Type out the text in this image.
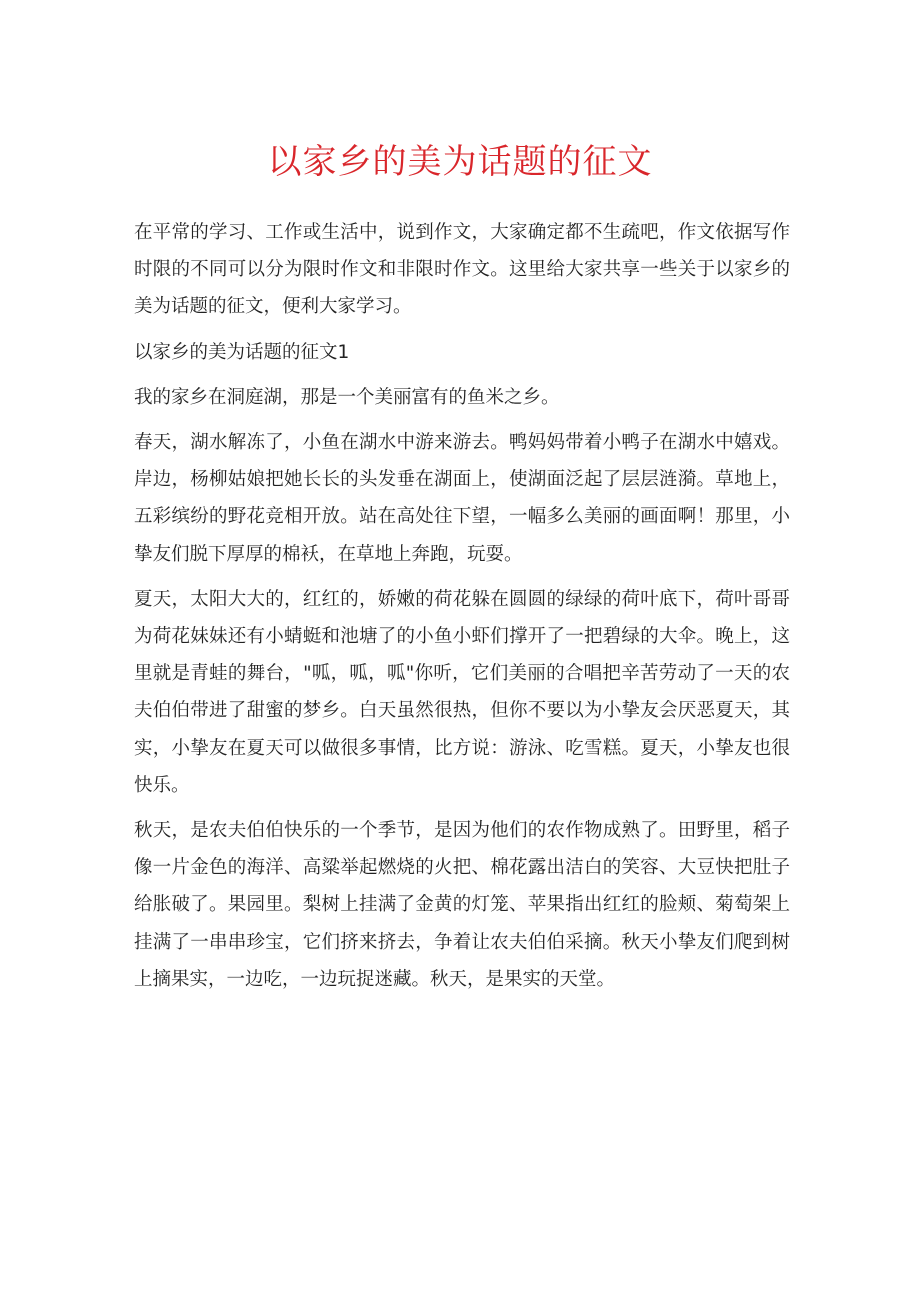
以家乡的美为话题的征文

在平常的学习、工作或生活中，说到作文，大家确定都不生疏吧，作文依据写作时限的不同可以分为限时作文和非限时作文。这里给大家共享一些关于以家乡的美为话题的征文，便利大家学习。

以家乡的美为话题的征文1

我的家乡在洞庭湖，那是一个美丽富有的鱼米之乡。

春天，湖水解冻了，小鱼在湖水中游来游去。鸭妈妈带着小鸭子在湖水中嬉戏。岸边，杨柳姑娘把她长长的头发垂在湖面上，使湖面泛起了层层涟漪。草地上，五彩缤纷的野花竞相开放。站在高处往下望，一幅多么美丽的画面啊！那里，小挚友们脱下厚厚的棉袄，在草地上奔跑，玩耍。

夏天，太阳大大的，红红的，娇嫩的荷花躲在圆圆的绿绿的荷叶底下，荷叶哥哥为荷花妹妹还有小蜻蜓和池塘了的小鱼小虾们撑开了一把碧绿的大伞。晚上，这里就是青蛙的舞台，"呱，呱，呱"你听，它们美丽的合唱把辛苦劳动了一天的农夫伯伯带进了甜蜜的梦乡。白天虽然很热，但你不要以为小挚友会厌恶夏天，其实，小挚友在夏天可以做很多事情，比方说：游泳、吃雪糕。夏天，小挚友也很快乐。

秋天，是农夫伯伯快乐的一个季节，是因为他们的农作物成熟了。田野里，稻子像一片金色的海洋、高粱举起燃烧的火把、棉花露出洁白的笑容、大豆快把肚子给胀破了。果园里。梨树上挂满了金黄的灯笼、苹果指出红红的脸颊、菊萄架上挂满了一串串珍宝，它们挤来挤去，争着让农夫伯伯采摘。秋天小挚友们爬到树上摘果实，一边吃，一边玩捉迷藏。秋天，是果实的天堂。
